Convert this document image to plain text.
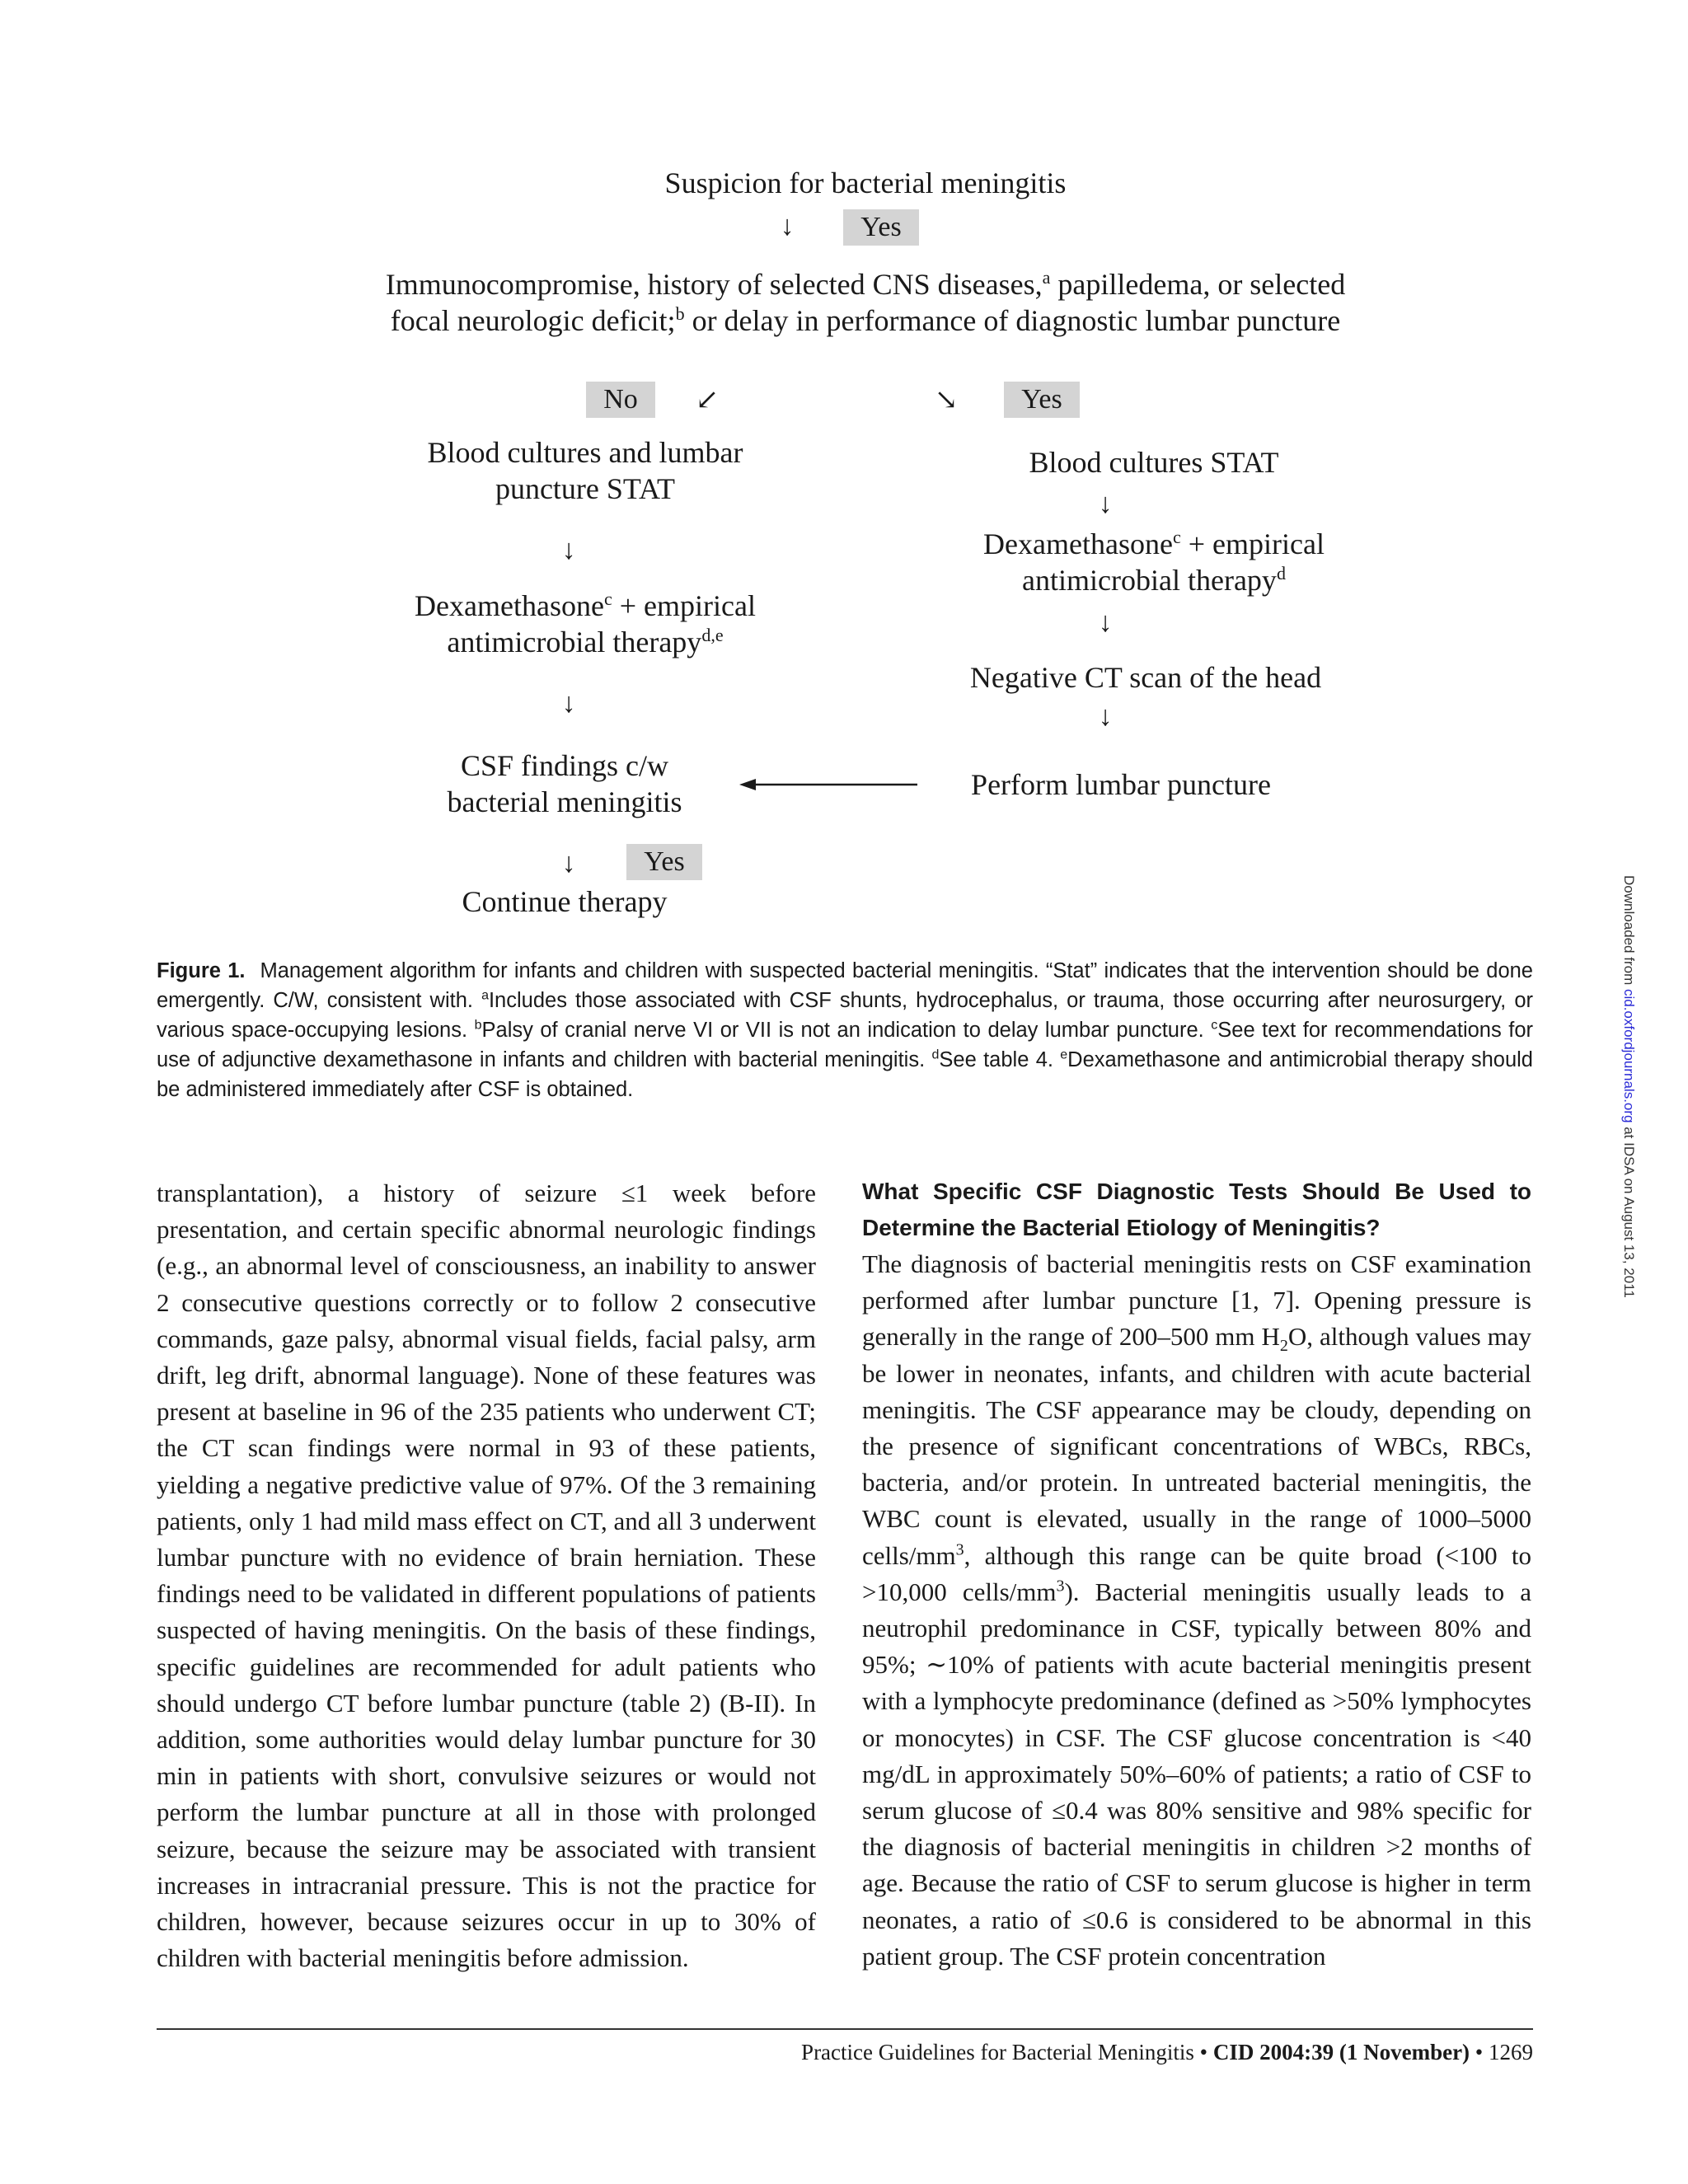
Suspicion for bacterial meningitis
↓	Yes
Immunocompromise, history of selected CNS diseases,$^a$ papilledema, or selected
focal neurologic deficit;$^b$ or delay in performance of diagnostic lumbar puncture
No	↙	↘	Yes
Blood cultures and lumbar
puncture STAT
↓
Dexamethasone$^c$ + empirical
antimicrobial therapy$^{d,e}$
↓
CSF findings c/w
bacterial meningitis
↓	Yes
Continue therapy
Blood cultures STAT
↓
Dexamethasone$^c$ + empirical
antimicrobial therapy$^d$
↓
Negative CT scan of the head
↓
Perform lumbar puncture
Figure 1. Management algorithm for infants and children with suspected bacterial meningitis. “Stat” indicates that the intervention should be done emergently. C/W, consistent with. $^a$Includes those associated with CSF shunts, hydrocephalus, or trauma, those occurring after neurosurgery, or various space-occupying lesions. $^b$Palsy of cranial nerve VI or VII is not an indication to delay lumbar puncture. $^c$See text for recommendations for use of adjunctive dexamethasone in infants and children with bacterial meningitis. $^d$See table 4. $^e$Dexamethasone and antimicrobial therapy should be administered immediately after CSF is obtained.

transplantation), a history of seizure ≤1 week before presentation, and certain specific abnormal neurologic findings (e.g., an abnormal level of consciousness, an inability to answer 2 consecutive questions correctly or to follow 2 consecutive commands, gaze palsy, abnormal visual fields, facial palsy, arm drift, leg drift, abnormal language). None of these features was present at baseline in 96 of the 235 patients who underwent CT; the CT scan findings were normal in 93 of these patients, yielding a negative predictive value of 97%. Of the 3 remaining patients, only 1 had mild mass effect on CT, and all 3 underwent lumbar puncture with no evidence of brain herniation. These findings need to be validated in different populations of patients suspected of having meningitis. On the basis of these findings, specific guidelines are recommended for adult patients who should undergo CT before lumbar puncture (table 2) (B-II). In addition, some authorities would delay lumbar puncture for 30 min in patients with short, convulsive seizures or would not perform the lumbar puncture at all in those with prolonged seizure, because the seizure may be associated with transient increases in intracranial pressure. This is not the practice for children, however, because seizures occur in up to 30% of children with bacterial meningitis before admission.

What Specific CSF Diagnostic Tests Should Be Used to Determine the Bacterial Etiology of Meningitis?

The diagnosis of bacterial meningitis rests on CSF examination performed after lumbar puncture [1, 7]. Opening pressure is generally in the range of 200–500 mm $H_2O$, although values may be lower in neonates, infants, and children with acute bacterial meningitis. The CSF appearance may be cloudy, depending on the presence of significant concentrations of WBCs, RBCs, bacteria, and/or protein. In untreated bacterial meningitis, the WBC count is elevated, usually in the range of 1000–5000 cells/$mm^3$, although this range can be quite broad (<100 to >10,000 cells/$mm^3$). Bacterial meningitis usually leads to a neutrophil predominance in CSF, typically between 80% and 95%; ∼10% of patients with acute bacterial meningitis present with a lymphocyte predominance (defined as >50% lymphocytes or monocytes) in CSF. The CSF glucose concentration is <40 mg/dL in approximately 50%–60% of patients; a ratio of CSF to serum glucose of ≤0.4 was 80% sensitive and 98% specific for the diagnosis of bacterial meningitis in children >2 months of age. Because the ratio of CSF to serum glucose is higher in term neonates, a ratio of ≤0.6 is considered to be abnormal in this patient group. The CSF protein concentration

Practice Guidelines for Bacterial Meningitis • CID 2004:39 (1 November) • 1269
Downloaded from cid.oxfordjournals.org at IDSA on August 13, 2011
